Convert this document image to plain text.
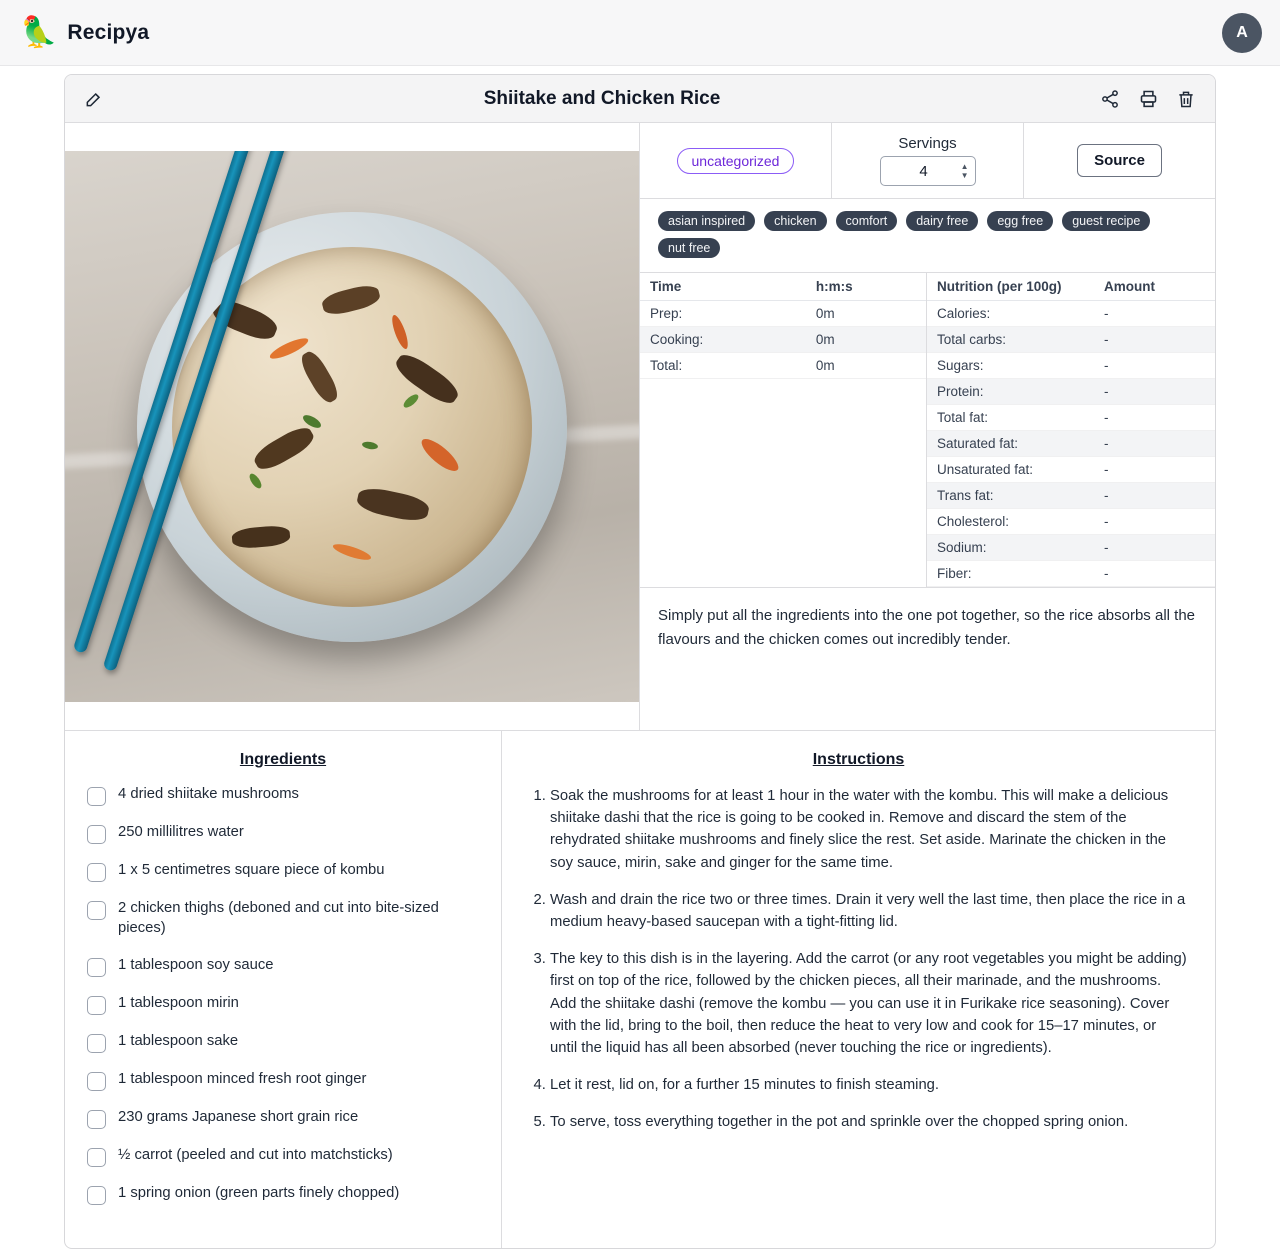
🦜 Recipya	A
Shiitake and Chicken Rice
uncategorized
Servings
4	▲
▼
Source
asian inspired	chicken	comfort	dairy free	egg free	guest recipe
nut free
Time	h:m:s
Prep:	0m
Cooking:	0m
Total:	0m
Nutrition (per 100g)	Amount
Calories:	-
Total carbs:	-
Sugars:	-
Protein:	-
Total fat:	-
Saturated fat:	-
Unsaturated fat:	-
Trans fat:	-
Cholesterol:	-
Sodium:	-
Fiber:	-
Simply put all the ingredients into the one pot together, so the rice absorbs all the flavours and the chicken comes out incredibly tender.
Ingredients
4 dried shiitake mushrooms
250 millilitres water
1 x 5 centimetres square piece of kombu
2 chicken thighs (deboned and cut into bite-sized pieces)
1 tablespoon soy sauce
1 tablespoon mirin
1 tablespoon sake
1 tablespoon minced fresh root ginger
230 grams Japanese short grain rice
½ carrot (peeled and cut into matchsticks)
1 spring onion (green parts finely chopped)
Instructions
1. Soak the mushrooms for at least 1 hour in the water with the kombu. This will make a delicious shiitake dashi that the rice is going to be cooked in. Remove and discard the stem of the rehydrated shiitake mushrooms and finely slice the rest. Set aside. Marinate the chicken in the soy sauce, mirin, sake and ginger for the same time.
2. Wash and drain the rice two or three times. Drain it very well the last time, then place the rice in a medium heavy-based saucepan with a tight-fitting lid.
3. The key to this dish is in the layering. Add the carrot (or any root vegetables you might be adding) first on top of the rice, followed by the chicken pieces, all their marinade, and the mushrooms. Add the shiitake dashi (remove the kombu — you can use it in Furikake rice seasoning). Cover with the lid, bring to the boil, then reduce the heat to very low and cook for 15–17 minutes, or until the liquid has all been absorbed (never touching the rice or ingredients).
4. Let it rest, lid on, for a further 15 minutes to finish steaming.
5. To serve, toss everything together in the pot and sprinkle over the chopped spring onion.
